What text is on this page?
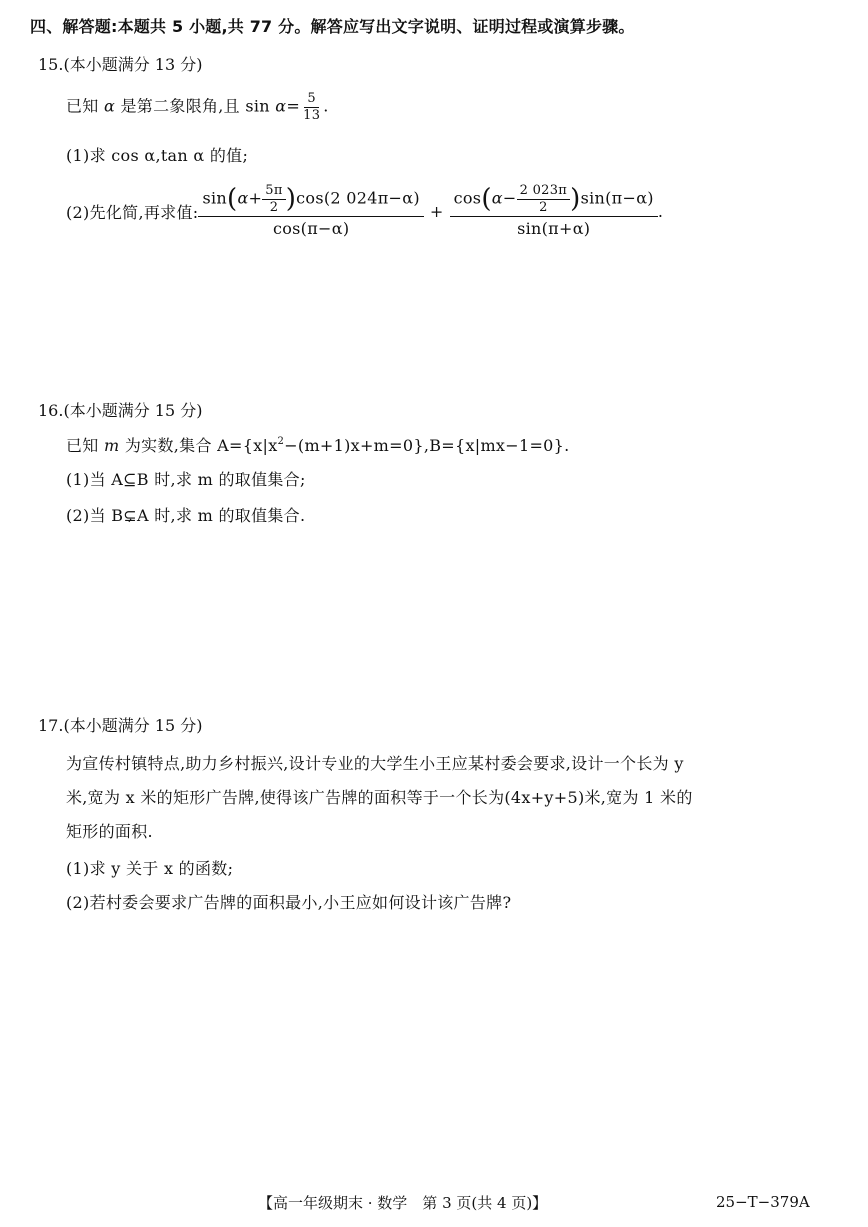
四、解答题:本题共 5 小题,共 77 分。解答应写出文字说明、证明过程或演算步骤。
15.(本小题满分 13 分)
已知 α 是第二象限角,且 $\sin \alpha= \frac{5}{13}$ .
(1)求 cos α,tan α 的值;
(2)先化简,再求值: $\frac{\sin(\alpha+ \frac{5\pi}{2} )\cos(2 024\pi-\alpha)}{\cos(\pi-\alpha)} + \frac{\cos(\alpha- \frac{2 023\pi}{2} )\sin(\pi-\alpha)}{\sin(\pi+\alpha)}$ .
16.(本小题满分 15 分)
已知 m 为实数,集合 $A=\{x|x^2-(m+1)x+m=0\},B=\{x|mx-1=0\}$.
(1)当 A⊆B 时,求 m 的取值集合;
(2)当 B⊊A 时,求 m 的取值集合.
17.(本小题满分 15 分)
为宣传村镇特点,助力乡村振兴,设计专业的大学生小王应某村委会要求,设计一个长为 y
米,宽为 x 米的矩形广告牌,使得该广告牌的面积等于一个长为(4x+y+5)米,宽为 1 米的
矩形的面积.
(1)求 y 关于 x 的函数;
(2)若村委会要求广告牌的面积最小,小王应如何设计该广告牌?
【高一年级期末 · 数学　第 3 页(共 4 页)】	25−T−379A
